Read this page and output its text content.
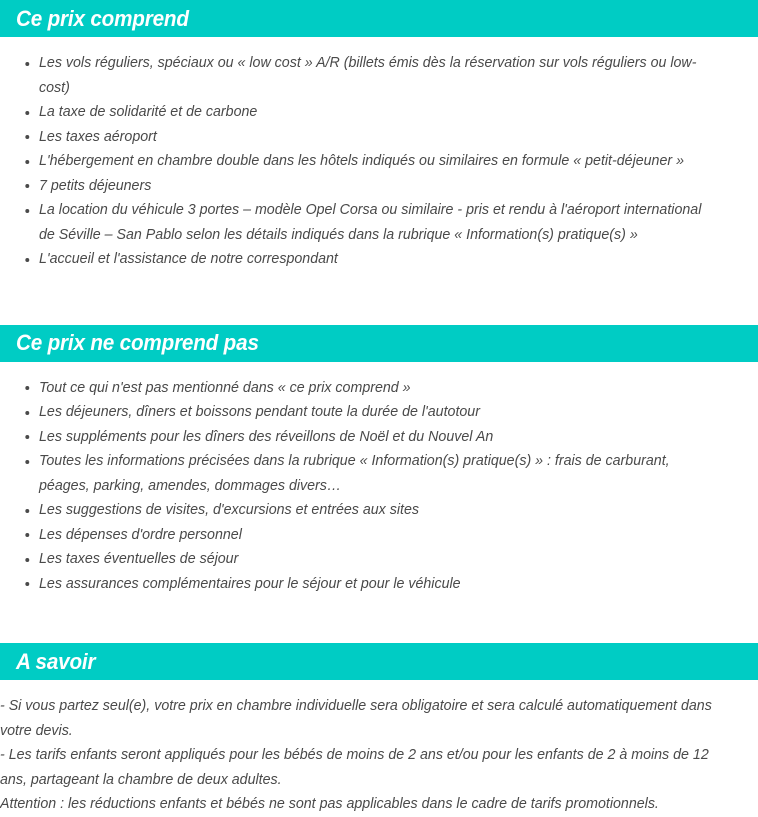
Ce prix comprend
Les vols réguliers, spéciaux ou « low cost » A/R (billets émis dès la réservation sur vols réguliers ou low-cost)
La taxe de solidarité et de carbone
Les taxes aéroport
L'hébergement en chambre double dans les hôtels indiqués ou similaires en formule « petit-déjeuner »
7 petits déjeuners
La location du véhicule 3 portes – modèle Opel Corsa ou similaire - pris et rendu à l'aéroport international de Séville – San Pablo selon les détails indiqués dans la rubrique « Information(s) pratique(s) »
L'accueil et l'assistance de notre correspondant
Ce prix ne comprend pas
Tout ce qui n'est pas mentionné dans « ce prix comprend »
Les déjeuners, dîners et boissons pendant toute la durée de l'autotour
Les suppléments pour les dîners des réveillons de Noël et du Nouvel An
Toutes les informations précisées dans la rubrique « Information(s) pratique(s) » : frais de carburant, péages, parking, amendes, dommages divers…
Les suggestions de visites, d'excursions et entrées aux sites
Les dépenses d'ordre personnel
Les taxes éventuelles de séjour
Les assurances complémentaires pour le séjour et pour le véhicule
A savoir

- Si vous partez seul(e), votre prix en chambre individuelle sera obligatoire et sera calculé automatiquement dans votre devis.

- Les tarifs enfants seront appliqués pour les bébés de moins de 2 ans et/ou pour les enfants de 2 à moins de 12 ans, partageant la chambre de deux adultes.

Attention : les réductions enfants et bébés ne sont pas applicables dans le cadre de tarifs promotionnels.
